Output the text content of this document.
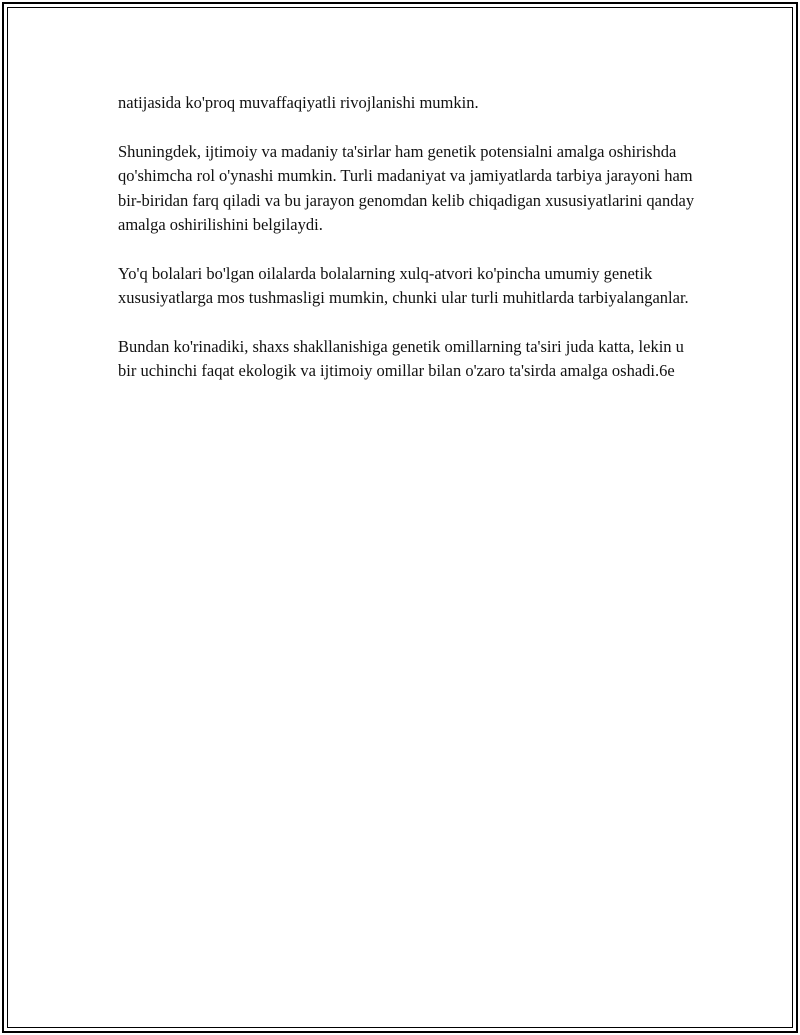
natijasida ko'proq muvaffaqiyatli rivojlanishi mumkin.

Shuningdek, ijtimoiy va madaniy ta'sirlar ham genetik potensialni amalga oshirishda qo'shimcha rol o'ynashi mumkin. Turli madaniyat va jamiyatlarda tarbiya jarayoni ham bir-biridan farq qiladi va bu jarayon genomdan kelib chiqadigan xususiyatlarini qanday amalga oshirilishini belgilaydi.

Yo'q bolalari bo'lgan oilalarda bolalarning xulq-atvori ko'pincha umumiy genetik xususiyatlarga mos tushmasligi mumkin, chunki ular turli muhitlarda tarbiyalanganlar.

Bundan ko'rinadiki, shaxs shakllanishiga genetik omillarning ta'siri juda katta, lekin u bir uchinchi faqat ekologik va ijtimoiy omillar bilan o'zaro ta'sirda amalga oshadi.6e
